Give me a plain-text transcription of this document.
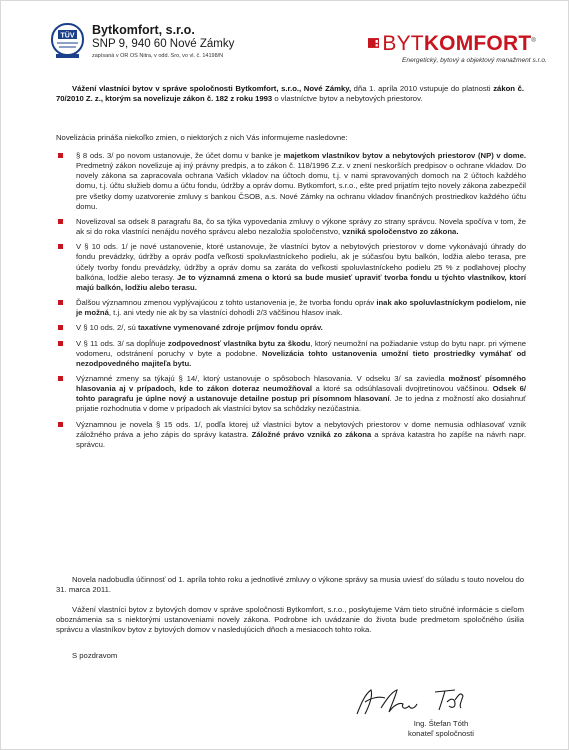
TÜV Bytkomfort, s.r.o.
SNP 9, 940 60 Nové Zámky
zapísaná v OR OS Nitra, v odd. Sro, vo vl. č. 14198/N
BYTKOMFORT®
Energetický, bytový a objektový manažment s.r.o.
Vážení vlastníci bytov v správe spoločnosti Bytkomfort, s.r.o., Nové Zámky, dňa 1. apríla 2010 vstupuje do platnosti zákon č. 70/2010 Z. z., ktorým sa novelizuje zákon č. 182 z roku 1993 o vlastníctve bytov a nebytových priestorov.
Novelizácia prináša niekoľko zmien, o niektorých z nich Vás informujeme nasledovne:
§ 8 ods. 3/ po novom ustanovuje, že účet domu v banke je majetkom vlastníkov bytov a nebytových priestorov (NP) v dome. Predmetný zákon novelizuje aj iný právny predpis, a to zákon č. 118/1996 Z.z. v znení neskorších predpisov o ochrane vkladov. Do novely zákona sa zapracovala ochrana Vašich vkladov na účtoch domu, t.j. v nami spravovaných domoch na 2 účtoch každého domu, t.j. účtu služieb domu a účtu fondu, údržby a opráv domu. Bytkomfort, s.r.o., ešte pred prijatím tejto novely zákona zabezpečil pre všetky domy uzatvorenie zmluvy s bankou ČSOB, a.s. Nové Zámky na ochranu vkladov finančných prostriedkov každého účtu domu.
Novelizoval sa odsek 8 paragrafu 8a, čo sa týka vypovedania zmluvy o výkone správy zo strany správcu. Novela spočíva v tom, že ak si do roka vlastníci nenájdu nového správcu alebo nezaložia spoločenstvo, vzniká spoločenstvo zo zákona.
V § 10 ods. 1/ je nové ustanovenie, ktoré ustanovuje, že vlastníci bytov a nebytových priestorov v dome vykonávajú úhrady do fondu prevádzky, údržby a opráv podľa veľkosti spoluvlastníckeho podielu, ak je súčasťou bytu balkón, lodžia alebo terasa, pre účely tvorby fondu prevádzky, údržby a opráv domu sa zaráta do veľkosti spoluvlastníckeho podielu 25 % z podlahovej plochy balkóna, lodžie alebo terasy. Je to významná zmena o ktorú sa bude musieť upraviť tvorba fondu u týchto vlastníkov, ktorí majú balkón, lodžiu alebo terasu.
Ďalšou významnou zmenou vyplývajúcou z tohto ustanovenia je, že tvorba fondu opráv inak ako spoluvlastníckym podielom, nie je možná, t.j. ani vtedy nie ak by sa vlastníci dohodli 2/3 väčšinou hlasov inak.
V § 10 ods. 2/, sú taxatívne vymenované zdroje príjmov fondu opráv.
V § 11 ods. 3/ sa dopĺňuje zodpovednosť vlastníka bytu za škodu, ktorý neumožní na požiadanie vstup do bytu napr. pri výmene vodomeru, odstránení poruchy v byte a podobne. Novelizácia tohto ustanovenia umožní tieto prostriedky vymáhať od nezodpovedného majiteľa bytu.
Významné zmeny sa týkajú § 14/, ktorý ustanovuje o spôsoboch hlasovania. V odseku 3/ sa zaviedla možnosť písomného hlasovania aj v prípadoch, kde to zákon doteraz neumožňoval a ktoré sa odsúhlasovali dvojtretinovou väčšinou. Odsek 6/ tohto paragrafu je úplne nový a ustanovuje detailne postup pri písomnom hlasovaní. Je to jedna z možností ako dosiahnuť prijatie rozhodnutia v dome v prípadoch ak vlastníci bytov sa schôdzky nezúčastnia.
Významnou je novela § 15 ods. 1/, podľa ktorej už vlastníci bytov a nebytových priestorov v dome nemusia odhlasovať vznik záložného práva a jeho zápis do správy katastra. Záložné právo vzniká zo zákona a správa katastra ho zapíše na návrh napr. správcu.
Novela nadobudla účinnosť od 1. apríla tohto roku a jednotlivé zmluvy o výkone správy sa musia uviesť do súladu s touto novelou do 31. marca 2011.
Vážení vlastníci bytov z bytových domov v správe spoločnosti Bytkomfort, s.r.o., poskytujeme Vám tieto stručné informácie s cieľom oboznámenia sa s niektorými ustanoveniami novely zákona. Podrobne ich uvádzanie do života bude predmetom spoločného úsilia správcu a vlastníkov bytov z bytových domov v nasledujúcich dňoch a mesiacoch tohto roka.
S pozdravom
Ing. Štefan Tóth
konateľ spoločnosti
